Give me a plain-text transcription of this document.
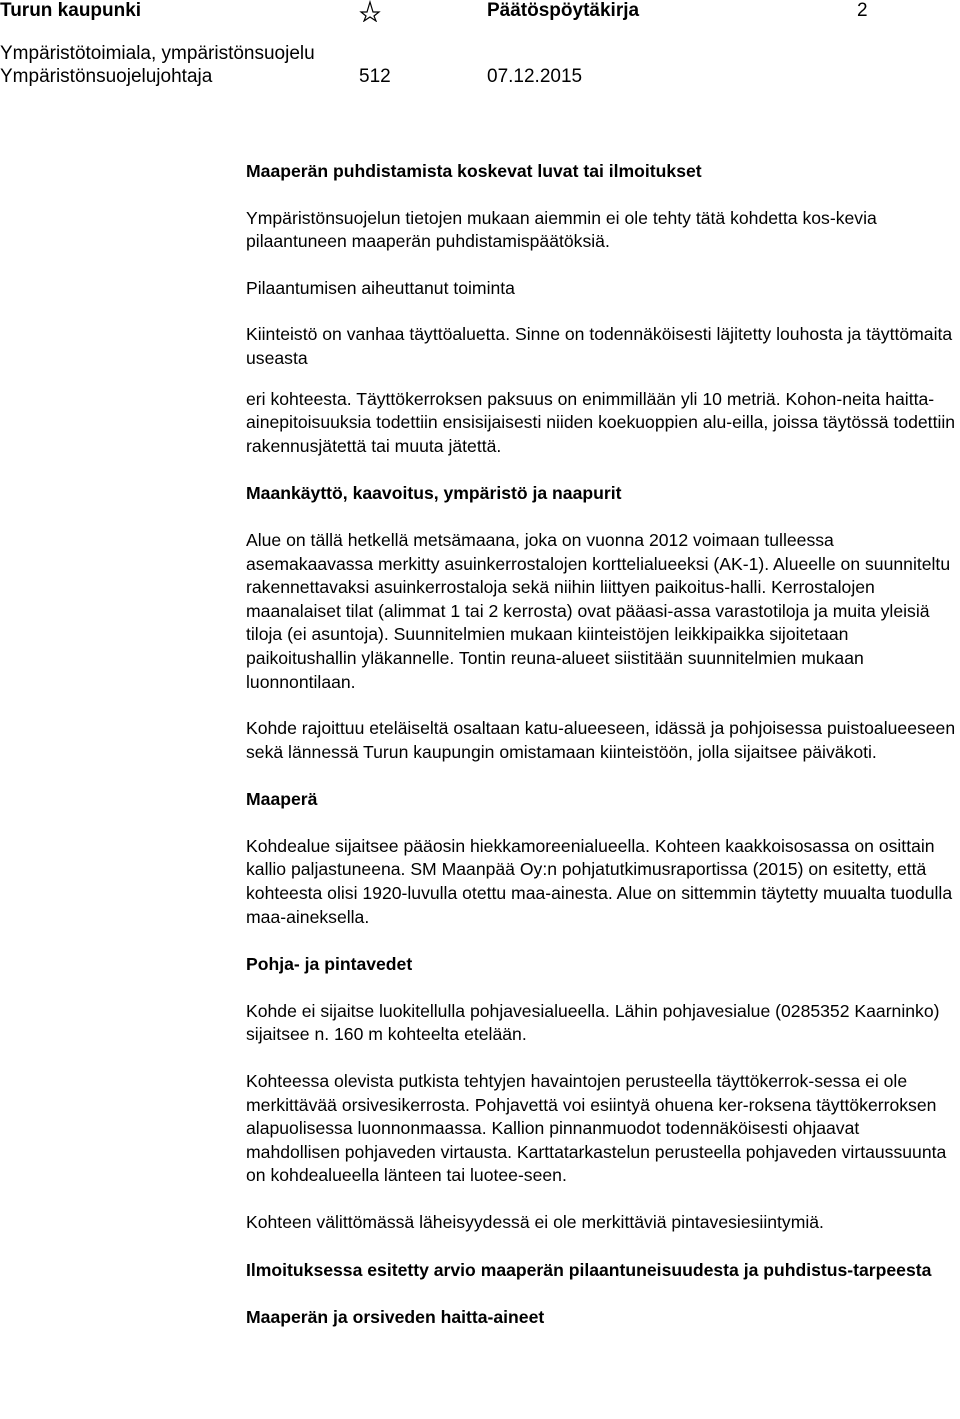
Turun kaupunki	Päätöspöytäkirja	2
Ympäristötoimiala, ympäristönsuojelu
Ympäristönsuojelujohtaja	512	07.12.2015
Maaperän puhdistamista koskevat luvat tai ilmoitukset

Ympäristönsuojelun tietojen mukaan aiemmin ei ole tehty tätä kohdetta kos-kevia pilaantuneen maaperän puhdistamispäätöksiä.

Pilaantumisen aiheuttanut toiminta

Kiinteistö on vanhaa täyttöaluetta. Sinne on todennäköisesti läjitetty louhosta ja täyttömaita useasta

eri kohteesta. Täyttökerroksen paksuus on enimmillään yli 10 metriä. Kohon-neita haitta-ainepitoisuuksia todettiin ensisijaisesti niiden koekuoppien alu-eilla, joissa täytössä todettiin rakennusjätettä tai muuta jätettä.

Maankäyttö, kaavoitus, ympäristö ja naapurit

Alue on tällä hetkellä metsämaana, joka on vuonna 2012 voimaan tulleessa asemakaavassa merkitty asuinkerrostalojen korttelialueeksi (AK-1). Alueelle on suunniteltu rakennettavaksi asuinkerrostaloja sekä niihin liittyen paikoitus-halli. Kerrostalojen maanalaiset tilat (alimmat 1 tai 2 kerrosta) ovat pääasi-assa varastotiloja ja muita yleisiä tiloja (ei asuntoja). Suunnitelmien mukaan kiinteistöjen leikkipaikka sijoitetaan paikoitushallin yläkannelle. Tontin reuna-alueet siistitään suunnitelmien mukaan luonnontilaan.

Kohde rajoittuu eteläiseltä osaltaan katu-alueeseen, idässä ja pohjoisessa puistoalueeseen sekä lännessä Turun kaupungin omistamaan kiinteistöön, jolla sijaitsee päiväkoti.

Maaperä

Kohdealue sijaitsee pääosin hiekkamoreenialueella. Kohteen kaakkoisosassa on osittain kallio paljastuneena. SM Maanpää Oy:n pohjatutkimusraportissa (2015) on esitetty, että kohteesta olisi 1920-luvulla otettu maa-ainesta. Alue on sittemmin täytetty muualta tuodulla maa-aineksella.

Pohja- ja pintavedet

Kohde ei sijaitse luokitellulla pohjavesialueella. Lähin pohjavesialue (0285352 Kaarninko) sijaitsee n. 160 m kohteelta etelään.

Kohteessa olevista putkista tehtyjen havaintojen perusteella täyttökerrok-sessa ei ole merkittävää orsivesikerrosta. Pohjavettä voi esiintyä ohuena ker-roksena täyttökerroksen alapuolisessa luonnonmaassa. Kallion pinnanmuodot todennäköisesti ohjaavat mahdollisen pohjaveden virtausta. Karttatarkastelun perusteella pohjaveden virtaussuunta on kohdealueella länteen tai luotee-seen.

Kohteen välittömässä läheisyydessä ei ole merkittäviä pintavesiesiintymiä.

Ilmoituksessa esitetty arvio maaperän pilaantuneisuudesta ja puhdistus-tarpeesta
Maaperän ja orsiveden haitta-aineet
